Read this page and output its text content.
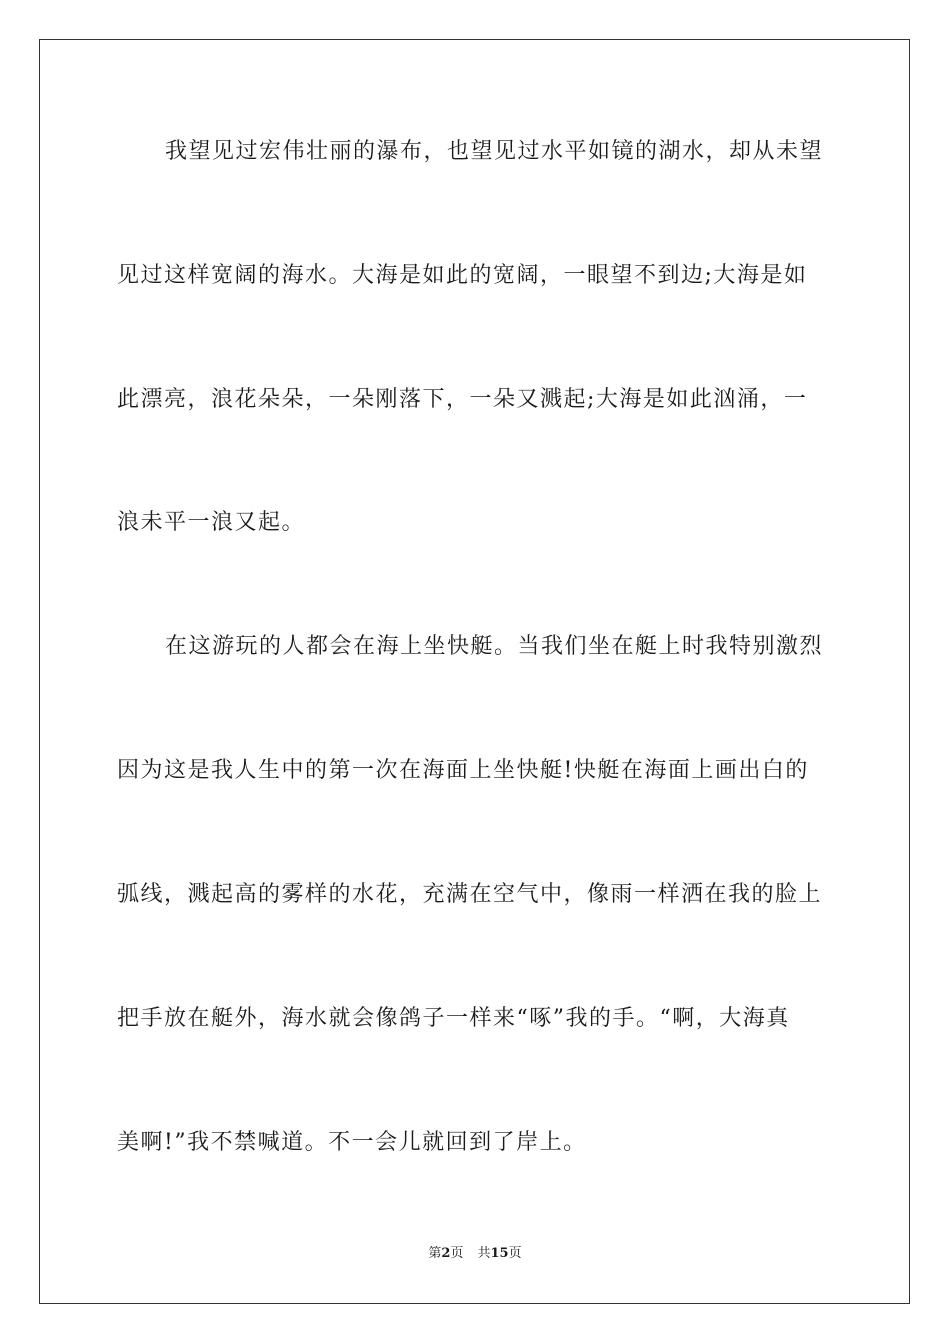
我望见过宏伟壮丽的瀑布，也望见过水平如镜的湖水，却从未望
见过这样宽阔的海水。大海是如此的宽阔，一眼望不到边;大海是如
此漂亮，浪花朵朵，一朵刚落下，一朵又溅起;大海是如此汹涌，一
浪未平一浪又起。
在这游玩的人都会在海上坐快艇。当我们坐在艇上时我特别激烈
因为这是我人生中的第一次在海面上坐快艇!快艇在海面上画出白的
弧线，溅起高的雾样的水花，充满在空气中，像雨一样洒在我的脸上
把手放在艇外，海水就会像鸽子一样来“啄”我的手。“啊，大海真
美啊!”我不禁喊道。不一会儿就回到了岸上。
第2页 共15页
